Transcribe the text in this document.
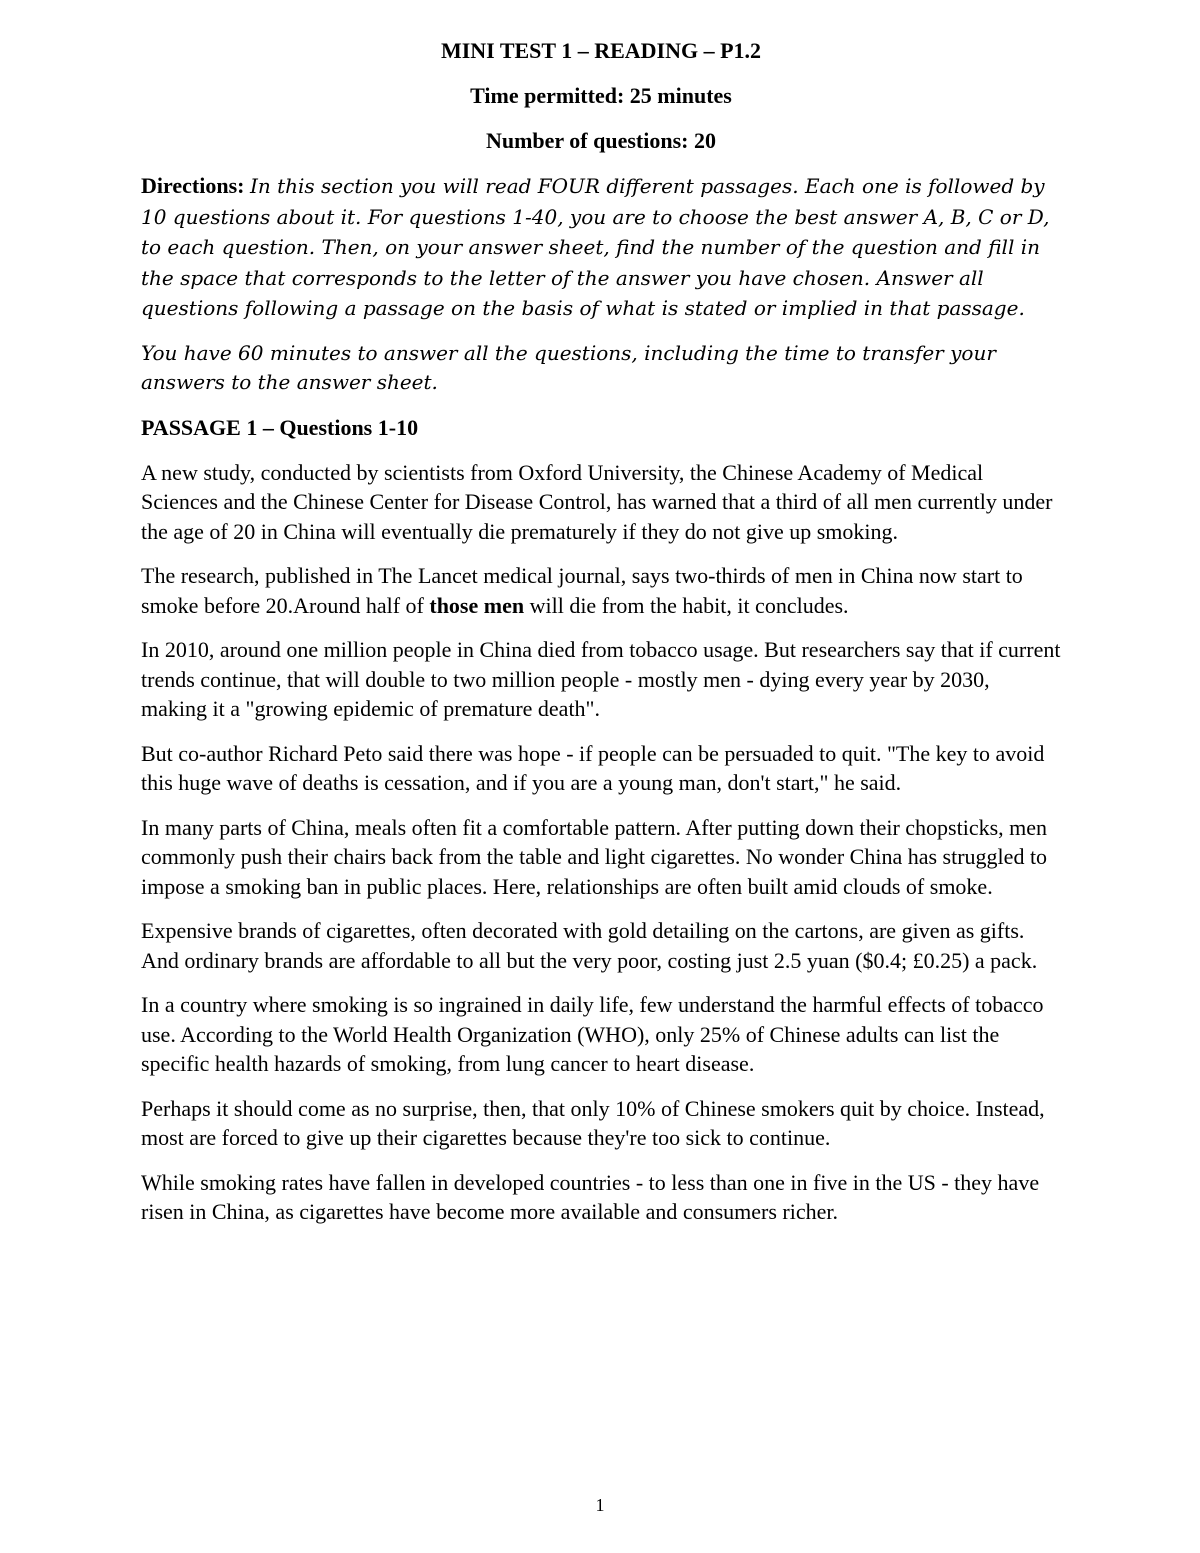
MINI TEST 1 – READING – P1.2
Time permitted: 25 minutes
Number of questions: 20
Directions: In this section you will read FOUR different passages. Each one is followed by 10 questions about it. For questions 1-40, you are to choose the best answer A, B, C or D, to each question. Then, on your answer sheet, find the number of the question and fill in the space that corresponds to the letter of the answer you have chosen. Answer all questions following a passage on the basis of what is stated or implied in that passage.
You have 60 minutes to answer all the questions, including the time to transfer your answers to the answer sheet.
PASSAGE 1 – Questions 1-10
A new study, conducted by scientists from Oxford University, the Chinese Academy of Medical Sciences and the Chinese Center for Disease Control, has warned that a third of all men currently under the age of 20 in China will eventually die prematurely if they do not give up smoking.
The research, published in The Lancet medical journal, says two-thirds of men in China now start to smoke before 20.Around half of those men will die from the habit, it concludes.
In 2010, around one million people in China died from tobacco usage. But researchers say that if current trends continue, that will double to two million people - mostly men - dying every year by 2030, making it a "growing epidemic of premature death".
But co-author Richard Peto said there was hope - if people can be persuaded to quit. "The key to avoid this huge wave of deaths is cessation, and if you are a young man, don't start," he said.
In many parts of China, meals often fit a comfortable pattern. After putting down their chopsticks, men commonly push their chairs back from the table and light cigarettes. No wonder China has struggled to impose a smoking ban in public places. Here, relationships are often built amid clouds of smoke.
Expensive brands of cigarettes, often decorated with gold detailing on the cartons, are given as gifts. And ordinary brands are affordable to all but the very poor, costing just 2.5 yuan ($0.4; £0.25) a pack.
In a country where smoking is so ingrained in daily life, few understand the harmful effects of tobacco use. According to the World Health Organization (WHO), only 25% of Chinese adults can list the specific health hazards of smoking, from lung cancer to heart disease.
Perhaps it should come as no surprise, then, that only 10% of Chinese smokers quit by choice. Instead, most are forced to give up their cigarettes because they're too sick to continue.
While smoking rates have fallen in developed countries - to less than one in five in the US - they have risen in China, as cigarettes have become more available and consumers richer.
1
